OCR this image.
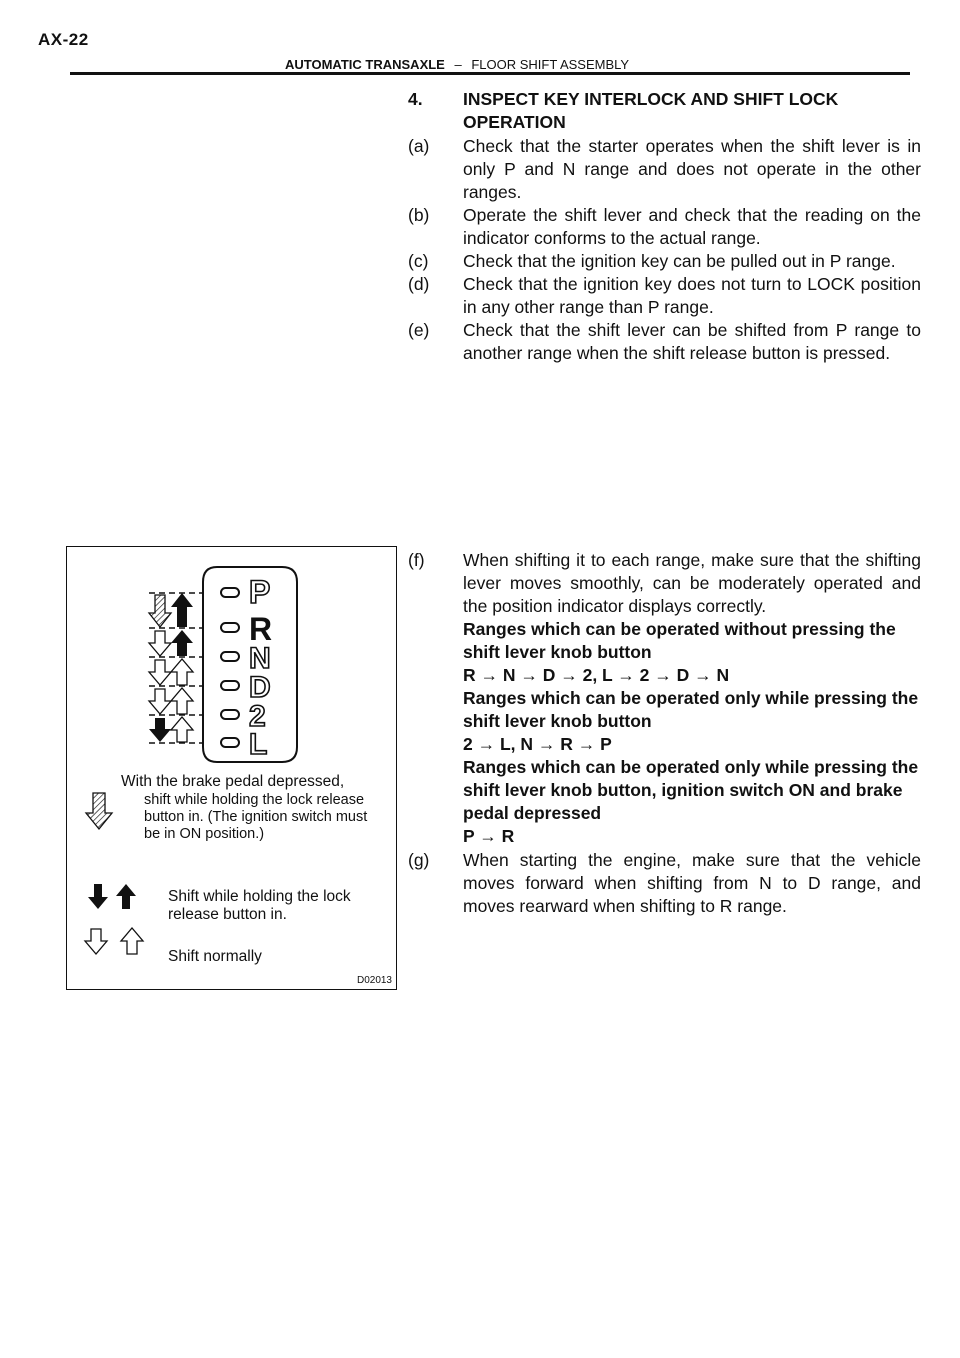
AX-22
AUTOMATIC TRANSAXLE – FLOOR SHIFT ASSEMBLY
4. INSPECT KEY INTERLOCK AND SHIFT LOCK OPERATION
(a) Check that the starter operates when the shift lever is in only P and N range and does not operate in the other ranges.
(b) Operate the shift lever and check that the reading on the indicator conforms to the actual range.
(c) Check that the ignition key can be pulled out in P range.
(d) Check that the ignition key does not turn to LOCK position in any other range than P range.
(e) Check that the shift lever can be shifted from P range to another range when the shift release button is pressed.
(f) When shifting it to each range, make sure that the shifting lever moves smoothly, can be moderately operated and the position indicator displays correctly.
Ranges which can be operated without pressing the shift lever knob button
R → N → D → 2, L → 2 → D → N
Ranges which can be operated only while pressing the shift lever knob button
2 → L, N → R → P
Ranges which can be operated only while pressing the shift lever knob button, ignition switch ON and brake pedal depressed
P → R
(g) When starting the engine, make sure that the vehicle moves forward when shifting from N to D range, and moves rearward when shifting to R range.
P
R
N
D
2
L
With the brake pedal depressed,
shift while holding the lock release button in. (The ignition switch must be in ON position.)
Shift while holding the lock release button in.
Shift normally
D02013
